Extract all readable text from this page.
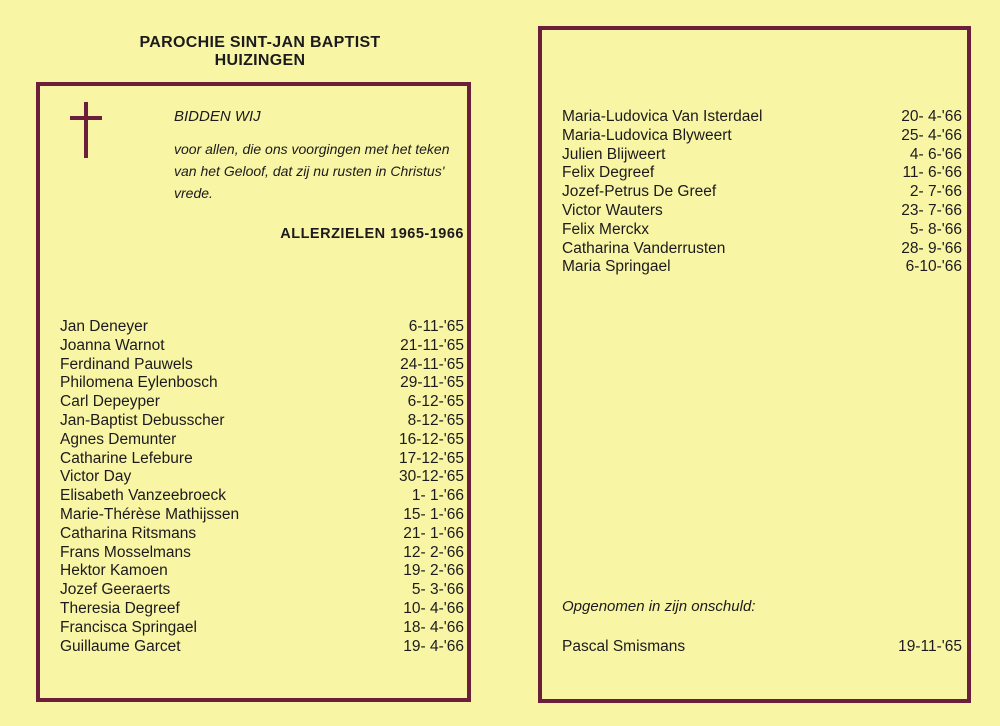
PAROCHIE SINT-JAN BAPTIST
HUIZINGEN
BIDDEN WIJ
voor allen, die ons voorgingen met het teken van het Geloof, dat zij nu rusten in Christus' vrede.
ALLERZIELEN 1965-1966
Jan Deneyer	6-11-'65
Joanna Warnot	21-11-'65
Ferdinand Pauwels	24-11-'65
Philomena Eylenbosch	29-11-'65
Carl Depeyper	6-12-'65
Jan-Baptist Debusscher	8-12-'65
Agnes Demunter	16-12-'65
Catharine Lefebure	17-12-'65
Victor Day	30-12-'65
Elisabeth Vanzeebroeck	1- 1-'66
Marie-Thérèse Mathijssen	15- 1-'66
Catharina Ritsmans	21- 1-'66
Frans Mosselmans	12- 2-'66
Hektor Kamoen	19- 2-'66
Jozef Geeraerts	5- 3-'66
Theresia Degreef	10- 4-'66
Francisca Springael	18- 4-'66
Guillaume Garcet	19- 4-'66
Maria-Ludovica Van Isterdael	20- 4-'66
Maria-Ludovica Blyweert	25- 4-'66
Julien Blijweert	4- 6-'66
Felix Degreef	11- 6-'66
Jozef-Petrus De Greef	2- 7-'66
Victor Wauters	23- 7-'66
Felix Merckx	5- 8-'66
Catharina Vanderrusten	28- 9-'66
Maria Springael	6-10-'66
Opgenomen in zijn onschuld:
Pascal Smismans	19-11-'65
